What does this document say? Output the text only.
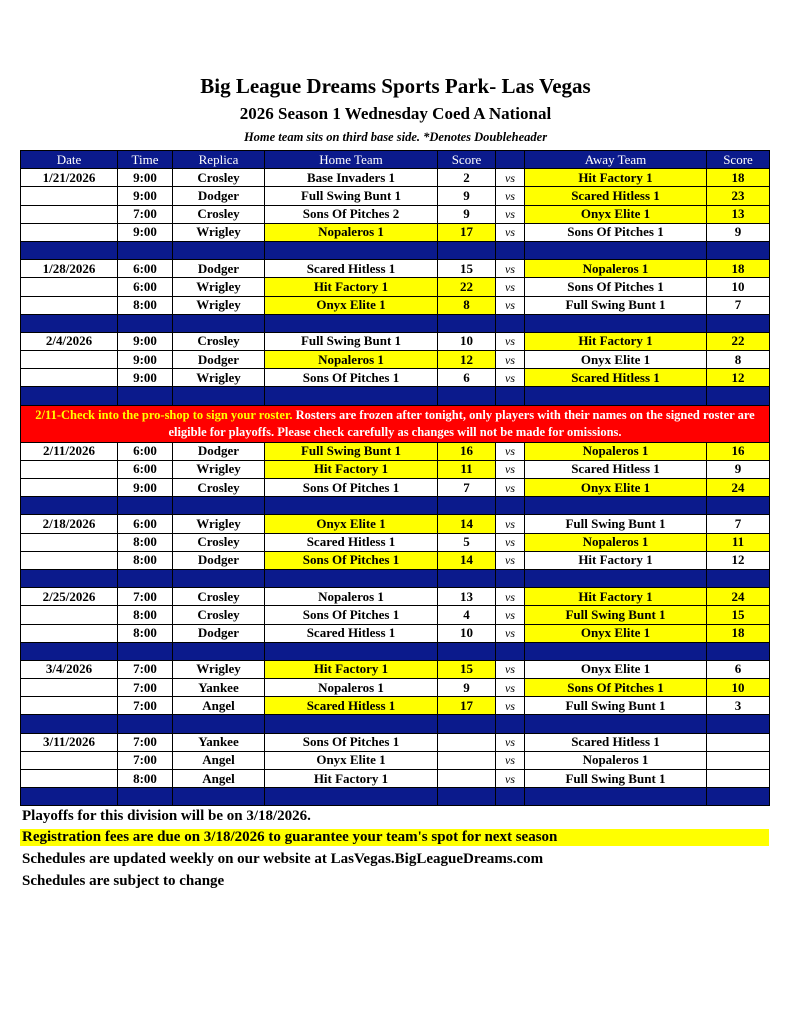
Big League Dreams Sports Park- Las Vegas
2026 Season 1 Wednesday Coed A National
Home team sits on third base side. *Denotes Doubleheader
Date	Time	Replica	Home Team	Score		Away Team	Score
1/21/2026	9:00	Crosley	Base Invaders 1	2	vs	Hit Factory 1	18
	9:00	Dodger	Full Swing Bunt 1	9	vs	Scared Hitless 1	23
	7:00	Crosley	Sons Of Pitches 2	9	vs	Onyx Elite 1	13
	9:00	Wrigley	Nopaleros 1	17	vs	Sons Of Pitches 1	9

1/28/2026	6:00	Dodger	Scared Hitless 1	15	vs	Nopaleros 1	18
	6:00	Wrigley	Hit Factory 1	22	vs	Sons Of Pitches 1	10
	8:00	Wrigley	Onyx Elite 1	8	vs	Full Swing Bunt 1	7

2/4/2026	9:00	Crosley	Full Swing Bunt 1	10	vs	Hit Factory 1	22
	9:00	Dodger	Nopaleros 1	12	vs	Onyx Elite 1	8
	9:00	Wrigley	Sons Of Pitches 1	6	vs	Scared Hitless 1	12

2/11-Check into the pro-shop to sign your roster. Rosters are frozen after tonight, only players with their names on the signed roster are eligible for playoffs. Please check carefully as changes will not be made for omissions.							
2/11/2026	6:00	Dodger	Full Swing Bunt 1	16	vs	Nopaleros 1	16
	6:00	Wrigley	Hit Factory 1	11	vs	Scared Hitless 1	9
	9:00	Crosley	Sons Of Pitches 1	7	vs	Onyx Elite 1	24

2/18/2026	6:00	Wrigley	Onyx Elite 1	14	vs	Full Swing Bunt 1	7
	8:00	Crosley	Scared Hitless 1	5	vs	Nopaleros 1	11
	8:00	Dodger	Sons Of Pitches 1	14	vs	Hit Factory 1	12

2/25/2026	7:00	Crosley	Nopaleros 1	13	vs	Hit Factory 1	24
	8:00	Crosley	Sons Of Pitches 1	4	vs	Full Swing Bunt 1	15
	8:00	Dodger	Scared Hitless 1	10	vs	Onyx Elite 1	18

3/4/2026	7:00	Wrigley	Hit Factory 1	15	vs	Onyx Elite 1	6
	7:00	Yankee	Nopaleros 1	9	vs	Sons Of Pitches 1	10
	7:00	Angel	Scared Hitless 1	17	vs	Full Swing Bunt 1	3

3/11/2026	7:00	Yankee	Sons Of Pitches 1		vs	Scared Hitless 1	
	7:00	Angel	Onyx Elite 1		vs	Nopaleros 1	
	8:00	Angel	Hit Factory 1		vs	Full Swing Bunt 1	

Playoffs for this division will be on 3/18/2026.
Registration fees are due on 3/18/2026 to guarantee your team's spot for next season
Schedules are updated weekly on our website at LasVegas.BigLeagueDreams.com
Schedules are subject to change
